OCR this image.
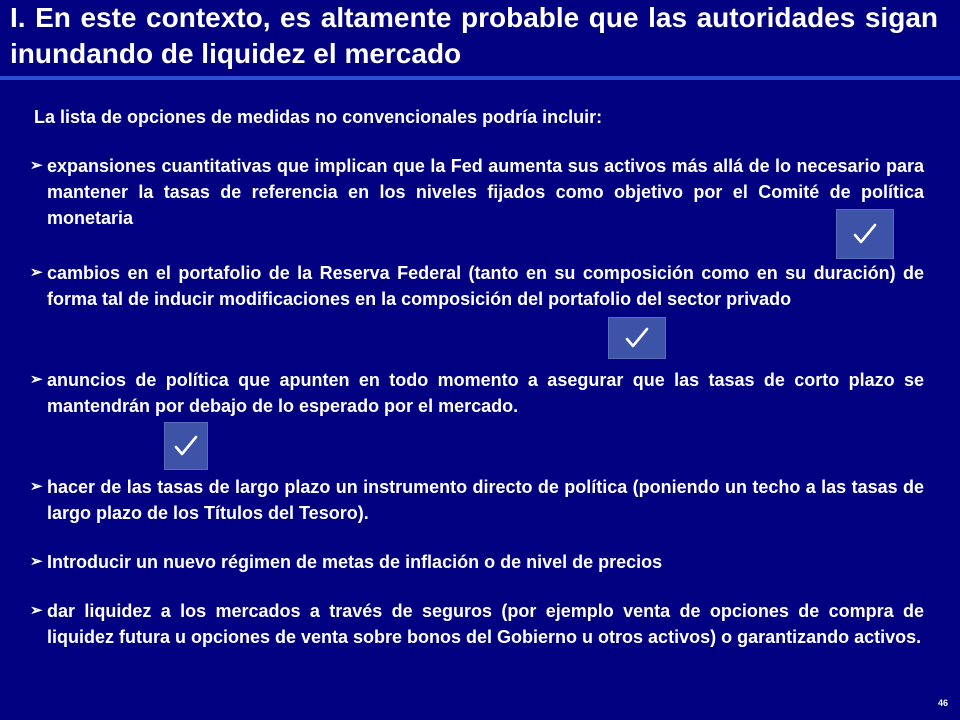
I. En este contexto, es altamente probable que las autoridades sigan inundando de liquidez el mercado
La lista de opciones de medidas no convencionales podría incluir:
➢ expansiones cuantitativas que implican que la Fed aumenta sus activos más allá de lo necesario para mantener la tasas de referencia en los niveles fijados como objetivo por el Comité de política monetaria
➢ cambios en el portafolio de la Reserva Federal (tanto en su composición como en su duración) de forma tal de inducir modificaciones en la composición del portafolio del sector privado
➢ anuncios de política que apunten en todo momento a asegurar que las tasas de corto plazo se mantendrán por debajo de lo esperado por el mercado.
➢ hacer de las tasas de largo plazo un instrumento directo de política (poniendo un techo a las tasas de largo plazo de los Títulos del Tesoro).
➢ Introducir un nuevo régimen de metas de inflación o de nivel de precios
➢ dar liquidez a los mercados a través de seguros (por ejemplo venta de opciones de compra de liquidez futura u opciones de venta sobre bonos del Gobierno u otros activos) o garantizando activos.
46
